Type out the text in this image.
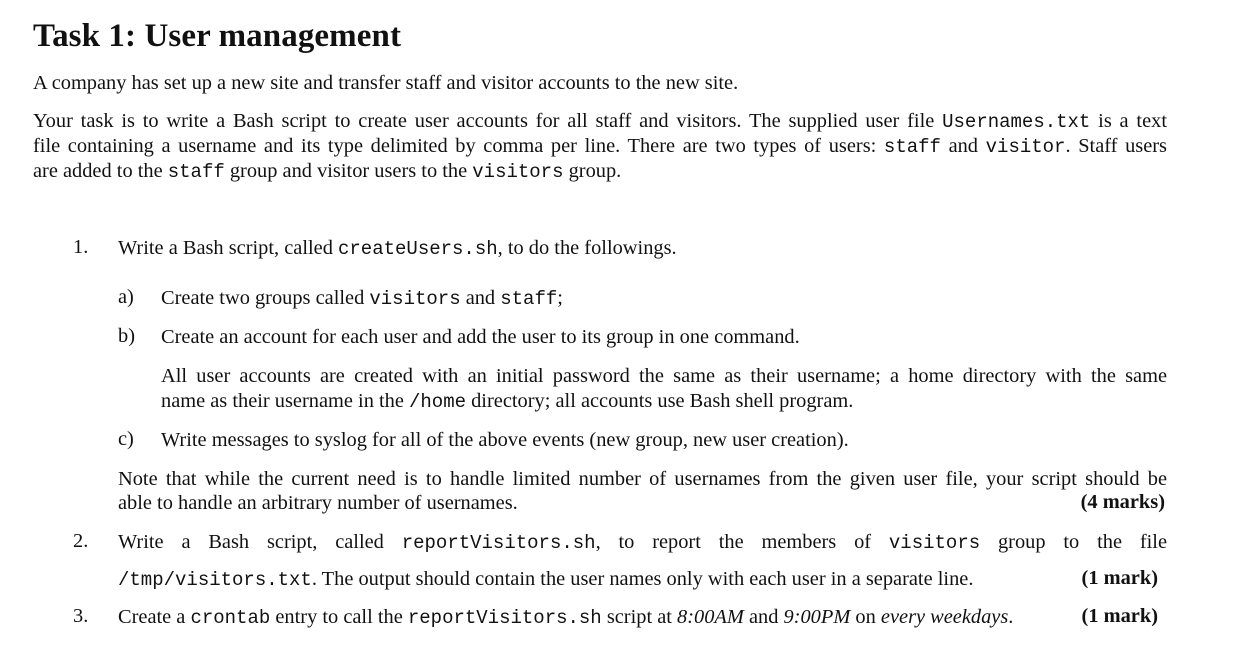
Task 1: User management
A company has set up a new site and transfer staff and visitor accounts to the new site.
Your task is to write a Bash script to create user accounts for all staff and visitors. The supplied user file Usernames.txt is a text
file containing a username and its type delimited by comma per line. There are two types of users: staff and visitor. Staff users
are added to the staff group and visitor users to the visitors group.
1. Write a Bash script, called createUsers.sh, to do the followings.
a) Create two groups called visitors and staff;
b) Create an account for each user and add the user to its group in one command.
All user accounts are created with an initial password the same as their username; a home directory with the same
name as their username in the /home directory; all accounts use Bash shell program.
c) Write messages to syslog for all of the above events (new group, new user creation).
Note that while the current need is to handle limited number of usernames from the given user file, your script should be
able to handle an arbitrary number of usernames.	(4 marks)
2. Write a Bash script, called reportVisitors.sh, to report the members of visitors group to the file
/tmp/visitors.txt. The output should contain the user names only with each user in a separate line.	(1 mark)
3. Create a crontab entry to call the reportVisitors.sh script at 8:00AM and 9:00PM on every weekdays.	(1 mark)
